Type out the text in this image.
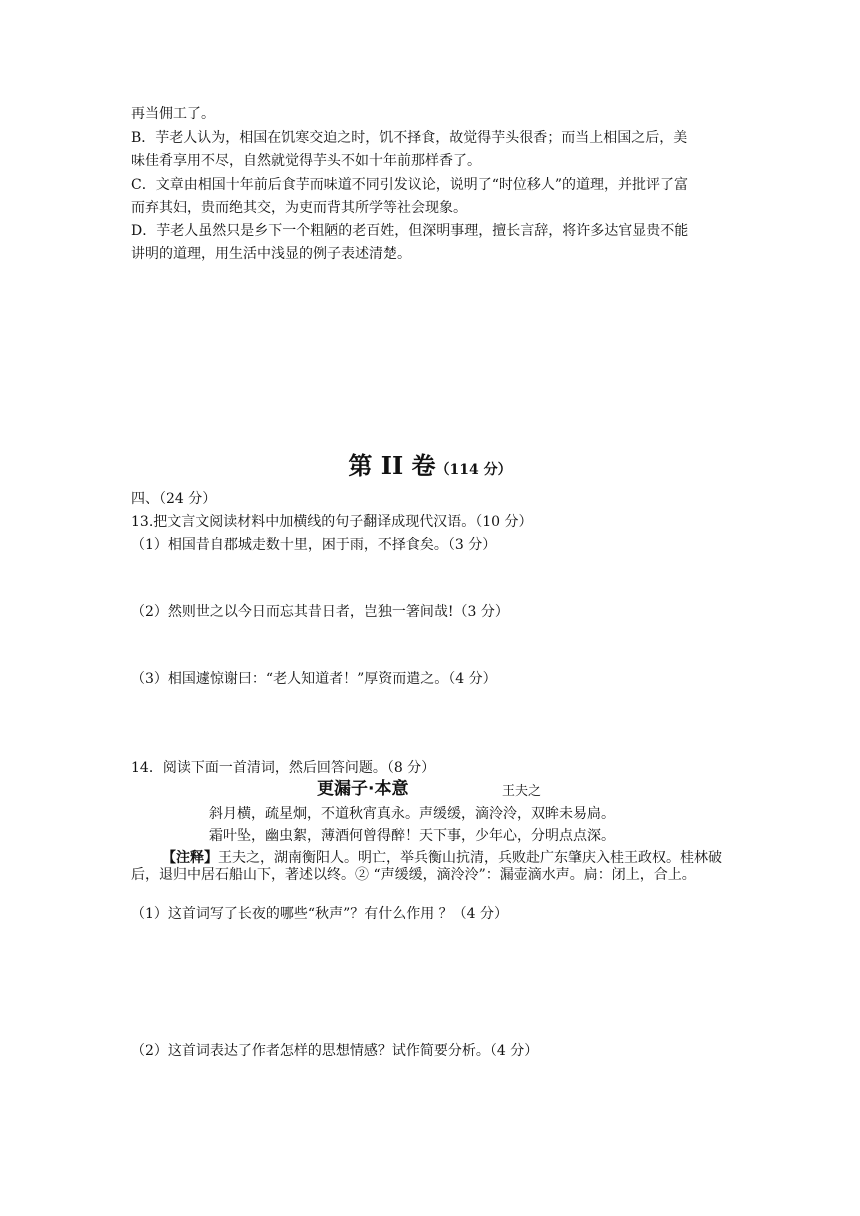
再当佣工了。
B．芋老人认为，相国在饥寒交迫之时，饥不择食，故觉得芋头很香；而当上相国之后，美
味佳肴享用不尽，自然就觉得芋头不如十年前那样香了。
C．文章由相国十年前后食芋而味道不同引发议论，说明了“时位移人”的道理，并批评了富
而弃其妇，贵而绝其交，为吏而背其所学等社会现象。
D．芋老人虽然只是乡下一个粗陋的老百姓，但深明事理，擅长言辞，将许多达官显贵不能
讲明的道理，用生活中浅显的例子表述清楚。
第 II 卷（114 分）
四、（24 分）
13.把文言文阅读材料中加横线的句子翻译成现代汉语。（10 分）
（1）相国昔自郡城走数十里，困于雨，不择食矣。（3 分）
（2）然则世之以今日而忘其昔日者，岂独一箸间哉!（3 分）
（3）相国遽惊谢曰：“老人知道者！”厚资而遣之。（4 分）
14．阅读下面一首清词，然后回答问题。（8 分）
更漏子·本意	王夫之
斜月横，疏星炯，不道秋宵真永。声缓缓，滴泠泠，双眸未易扃。
霜叶坠，幽虫絮，薄酒何曾得醉！天下事，少年心，分明点点深。
【注释】王夫之，湖南衡阳人。明亡，举兵衡山抗清，兵败赴广东肇庆入桂王政权。桂林破后，退归中居石船山下，著述以终。② “声缓缓，滴泠泠”：漏壶滴水声。扃：闭上，合上。
（1）这首词写了长夜的哪些“秋声”？有什么作用 ？（4 分）
（2）这首词表达了作者怎样的思想情感？试作简要分析。（4 分）
